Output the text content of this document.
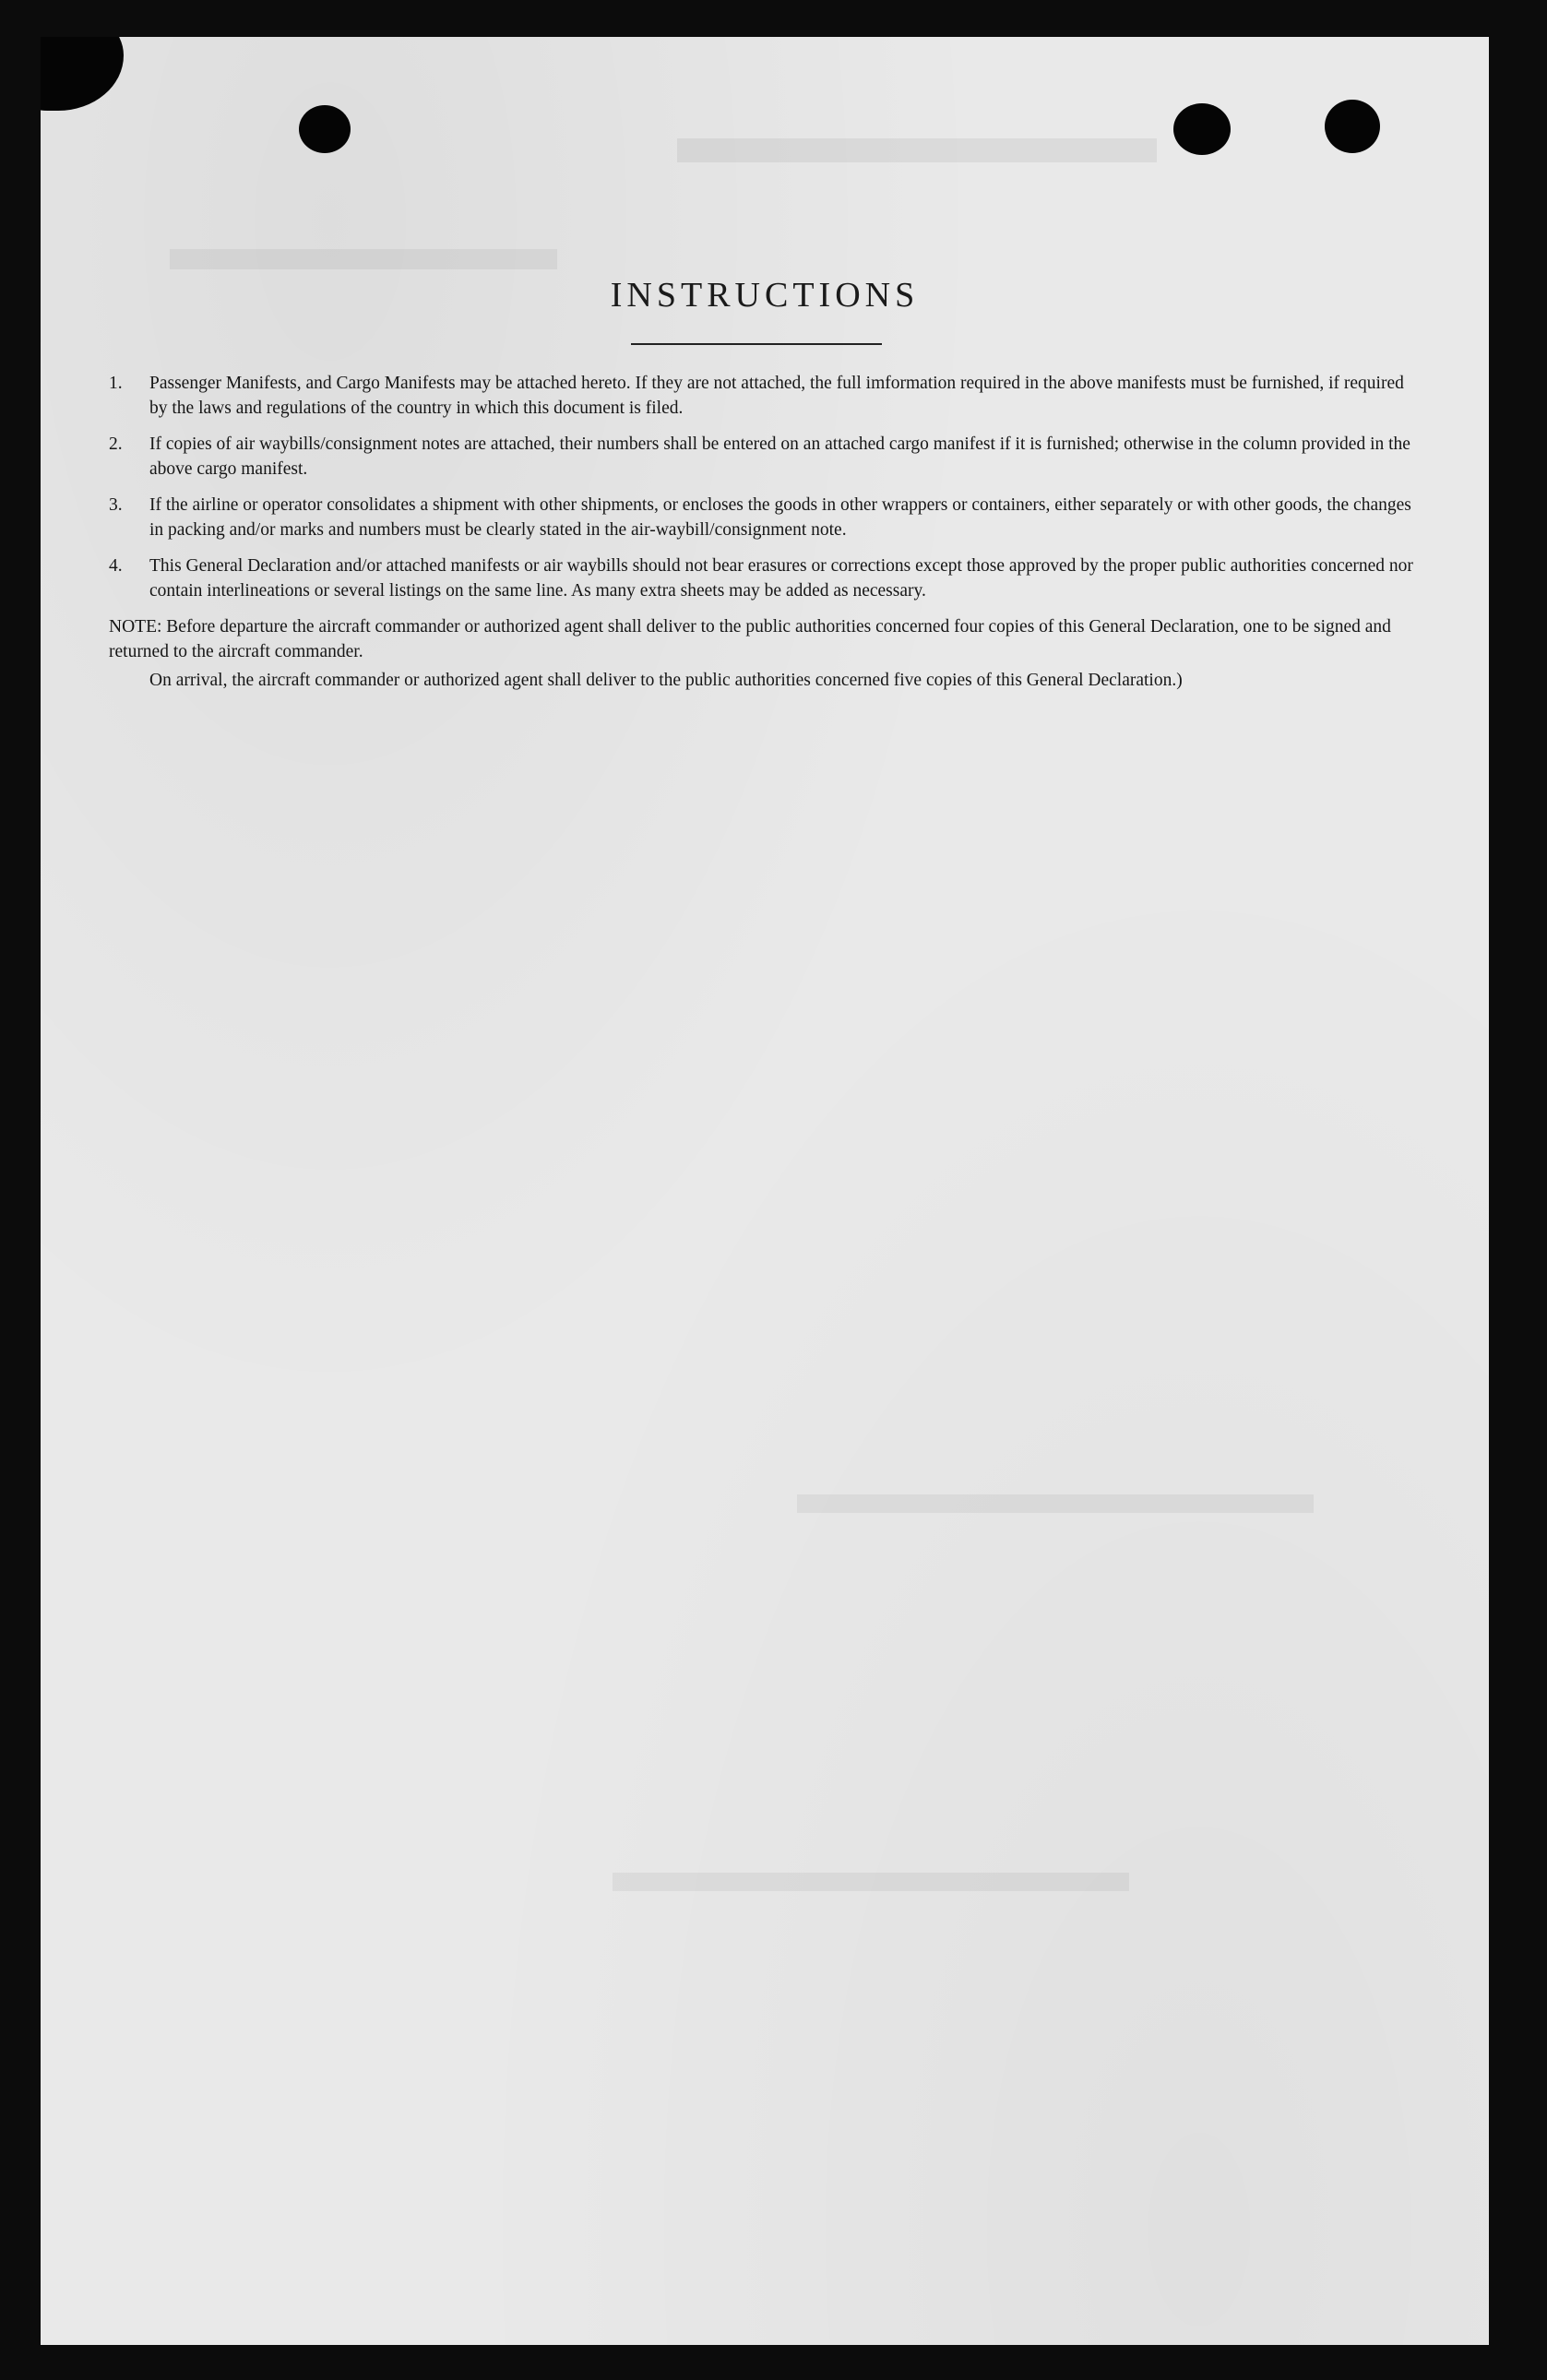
INSTRUCTIONS
1. Passenger Manifests, and Cargo Manifests may be attached hereto. If they are not attached, the full imformation required in the above manifests must be furnished, if required by the laws and regulations of the country in which this document is filed.
2. If copies of air waybills/consignment notes are attached, their numbers shall be entered on an attached cargo manifest if it is furnished; otherwise in the column provided in the above cargo manifest.
3. If the airline or operator consolidates a shipment with other shipments, or encloses the goods in other wrappers or containers, either separately or with other goods, the changes in packing and/or marks and numbers must be clearly stated in the air-waybill/consignment note.
4. This General Declaration and/or attached manifests or air waybills should not bear erasures or corrections except those approved by the proper public authorities concerned nor contain interlineations or several listings on the same line. As many extra sheets may be added as necessary.
NOTE: Before departure the aircraft commander or authorized agent shall deliver to the public authorities concerned four copies of this General Declaration, one to be signed and returned to the aircraft commander.
On arrival, the aircraft commander or authorized agent shall deliver to the public authorities concerned five copies of this General Declaration.)
